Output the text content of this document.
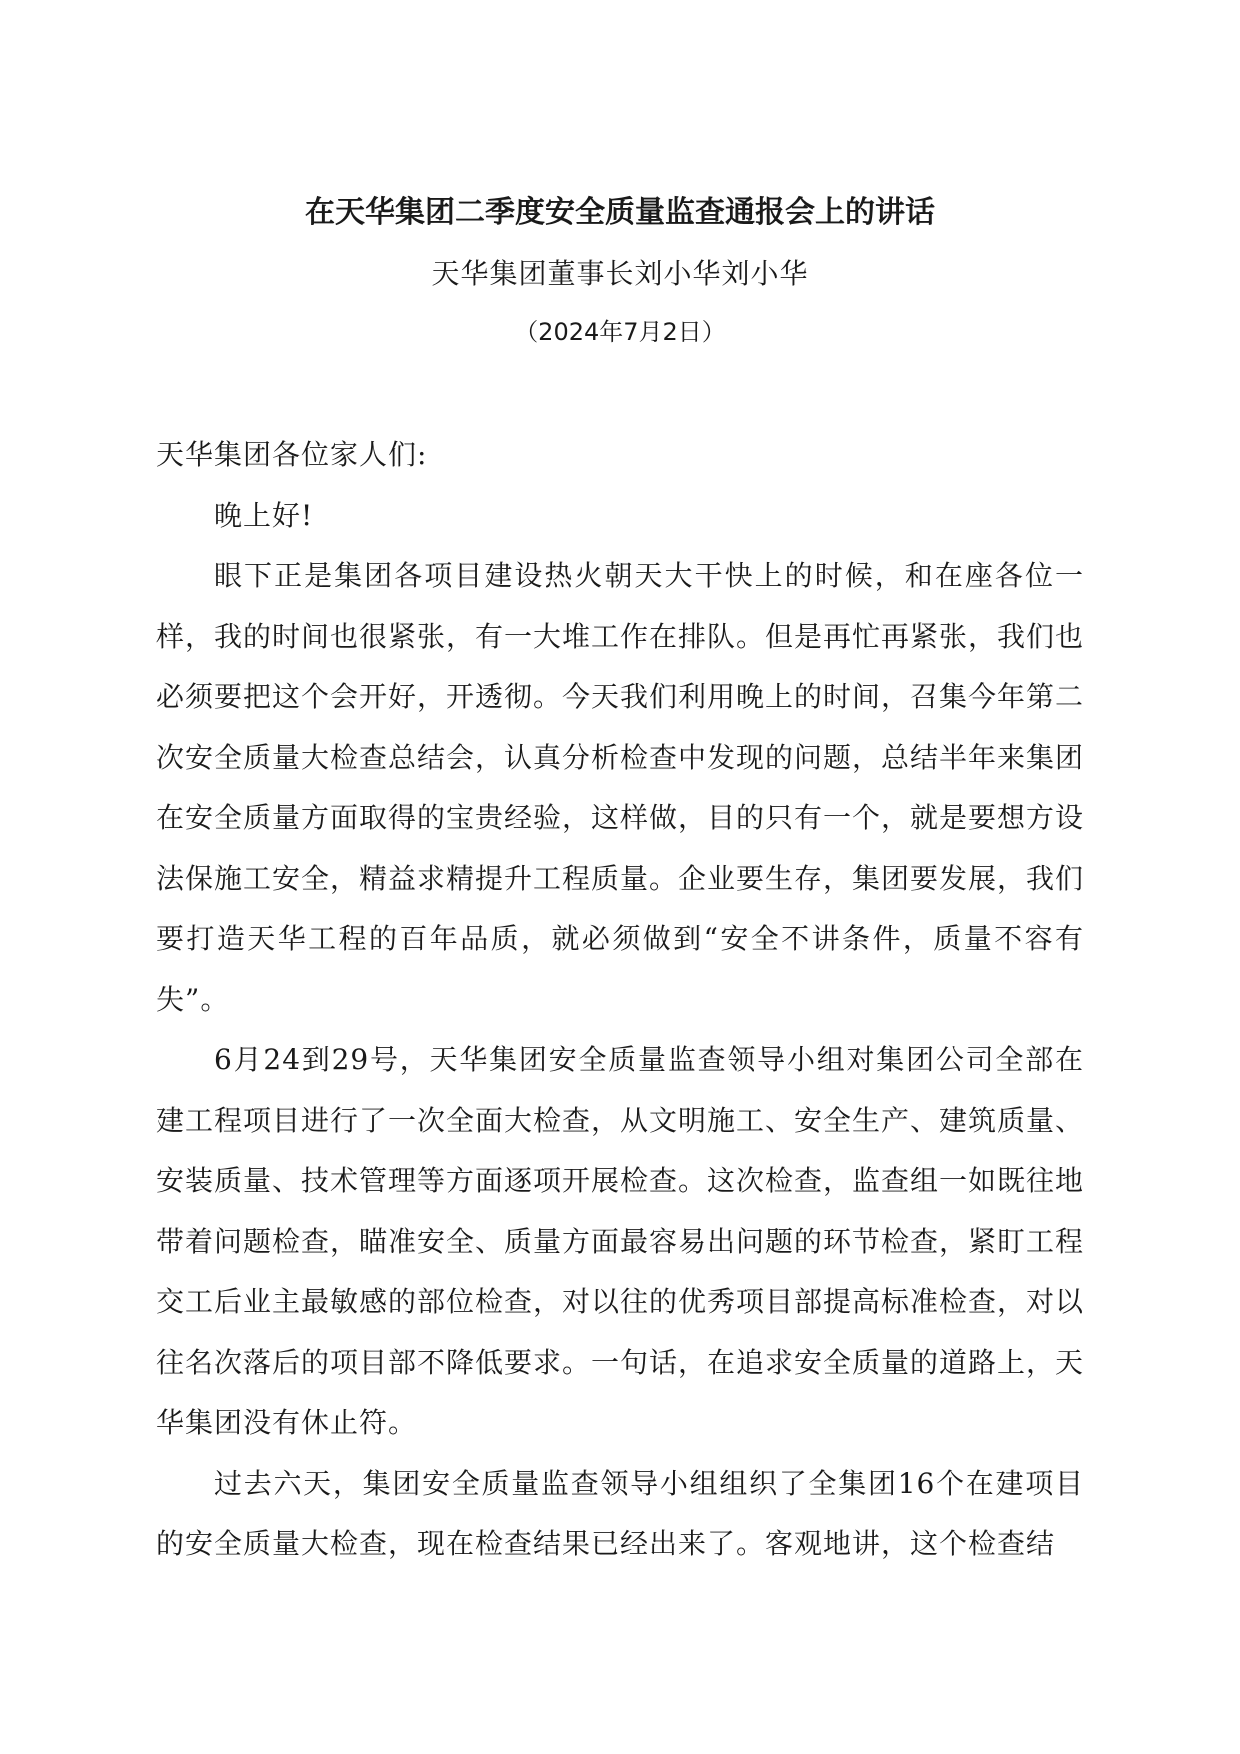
在天华集团二季度安全质量监查通报会上的讲话
天华集团董事长刘小华刘小华
（2024年7月2日）

天华集团各位家人们:

晚上好!

眼下正是集团各项目建设热火朝天大干快上的时候，和在座各位一样，我的时间也很紧张，有一大堆工作在排队。但是再忙再紧张，我们也必须要把这个会开好，开透彻。今天我们利用晚上的时间，召集今年第二次安全质量大检查总结会，认真分析检查中发现的问题，总结半年来集团在安全质量方面取得的宝贵经验，这样做，目的只有一个，就是要想方设法保施工安全，精益求精提升工程质量。企业要生存，集团要发展，我们要打造天华工程的百年品质，就必须做到“安全不讲条件，质量不容有失”。

6月24到29号，天华集团安全质量监查领导小组对集团公司全部在建工程项目进行了一次全面大检查，从文明施工、安全生产、建筑质量、安装质量、技术管理等方面逐项开展检查。这次检查，监查组一如既往地带着问题检查，瞄准安全、质量方面最容易出问题的环节检查，紧盯工程交工后业主最敏感的部位检查，对以往的优秀项目部提高标准检查，对以往名次落后的项目部不降低要求。一句话，在追求安全质量的道路上，天华集团没有休止符。

过去六天，集团安全质量监查领导小组组织了全集团16个在建项目的安全质量大检查，现在检查结果已经出来了。客观地讲，这个检查结
